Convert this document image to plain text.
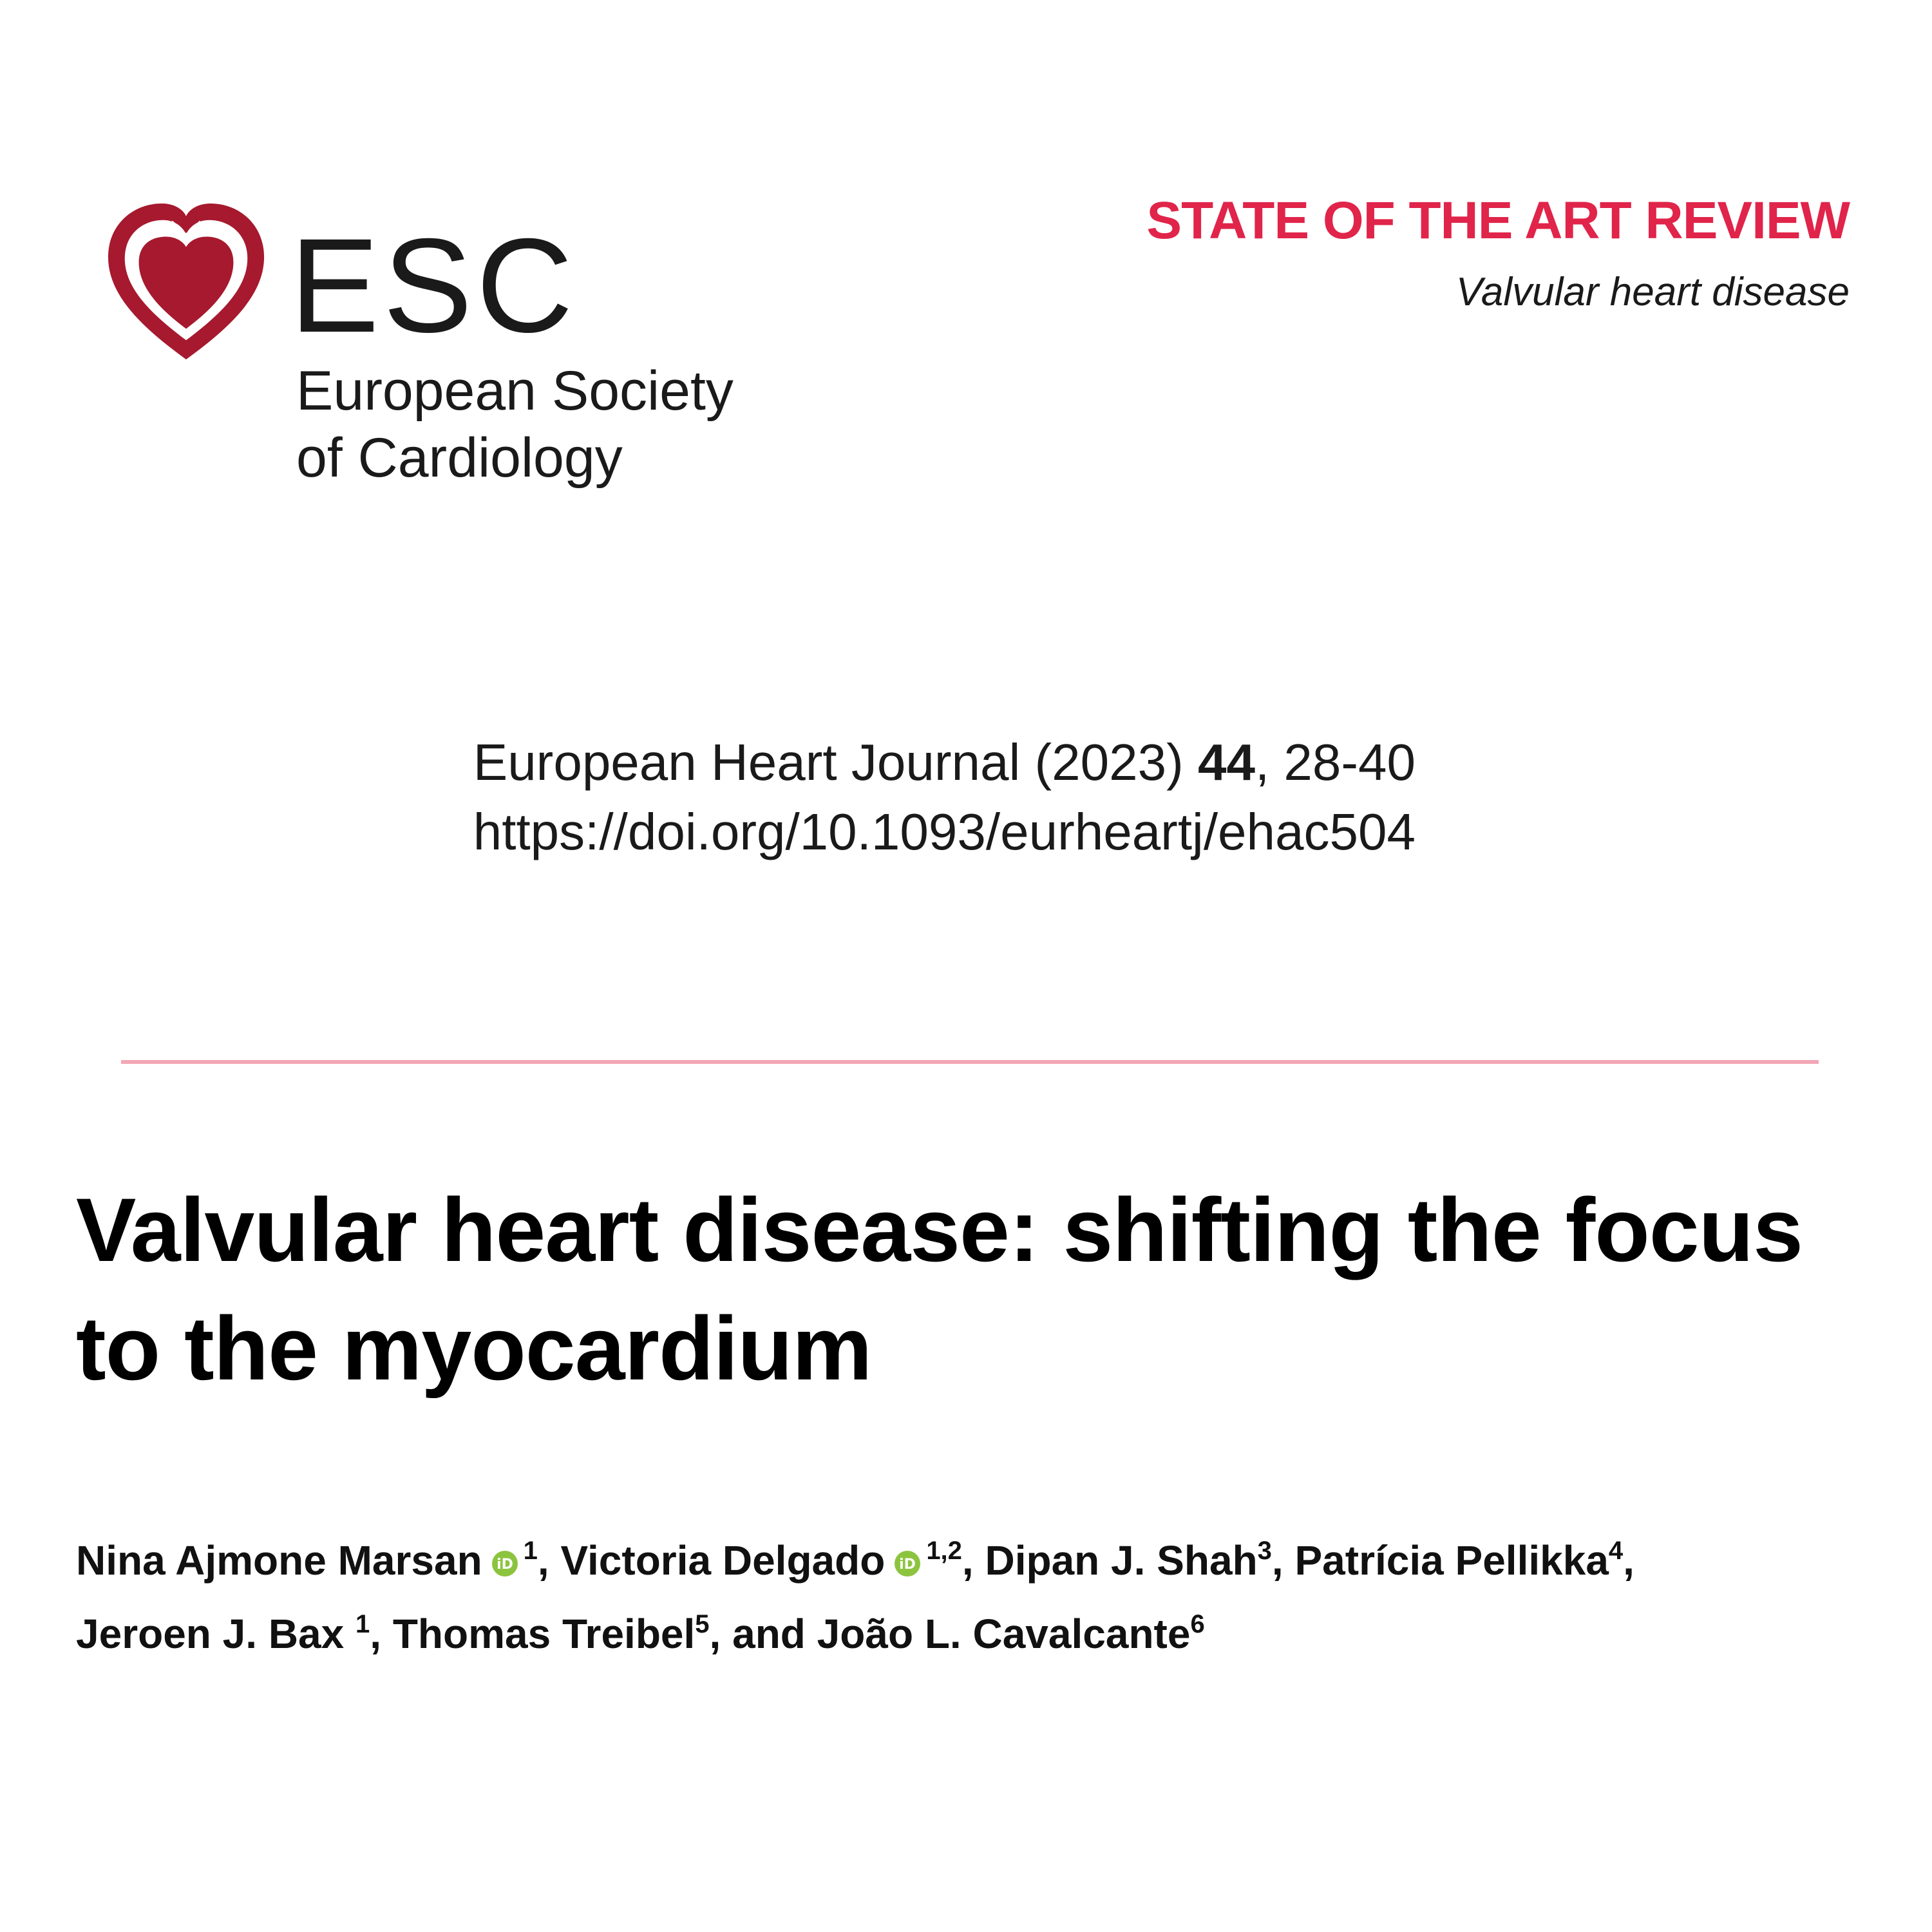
ESC
European Society
of Cardiology
STATE OF THE ART REVIEW
Valvular heart disease
European Heart Journal (2023) 44, 28-40
https://doi.org/10.1093/eurheartj/ehac504
Valvular heart disease: shifting the focus
to the myocardium
Nina Ajmone Marsan iD $^1$, Victoria Delgado iD $^{1,2}$, Dipan J. Shah$^3$, Patrícia Pellikka$^4$,
Jeroen J. Bax $^1$, Thomas Treibel$^5$, and João L. Cavalcante$^6$
